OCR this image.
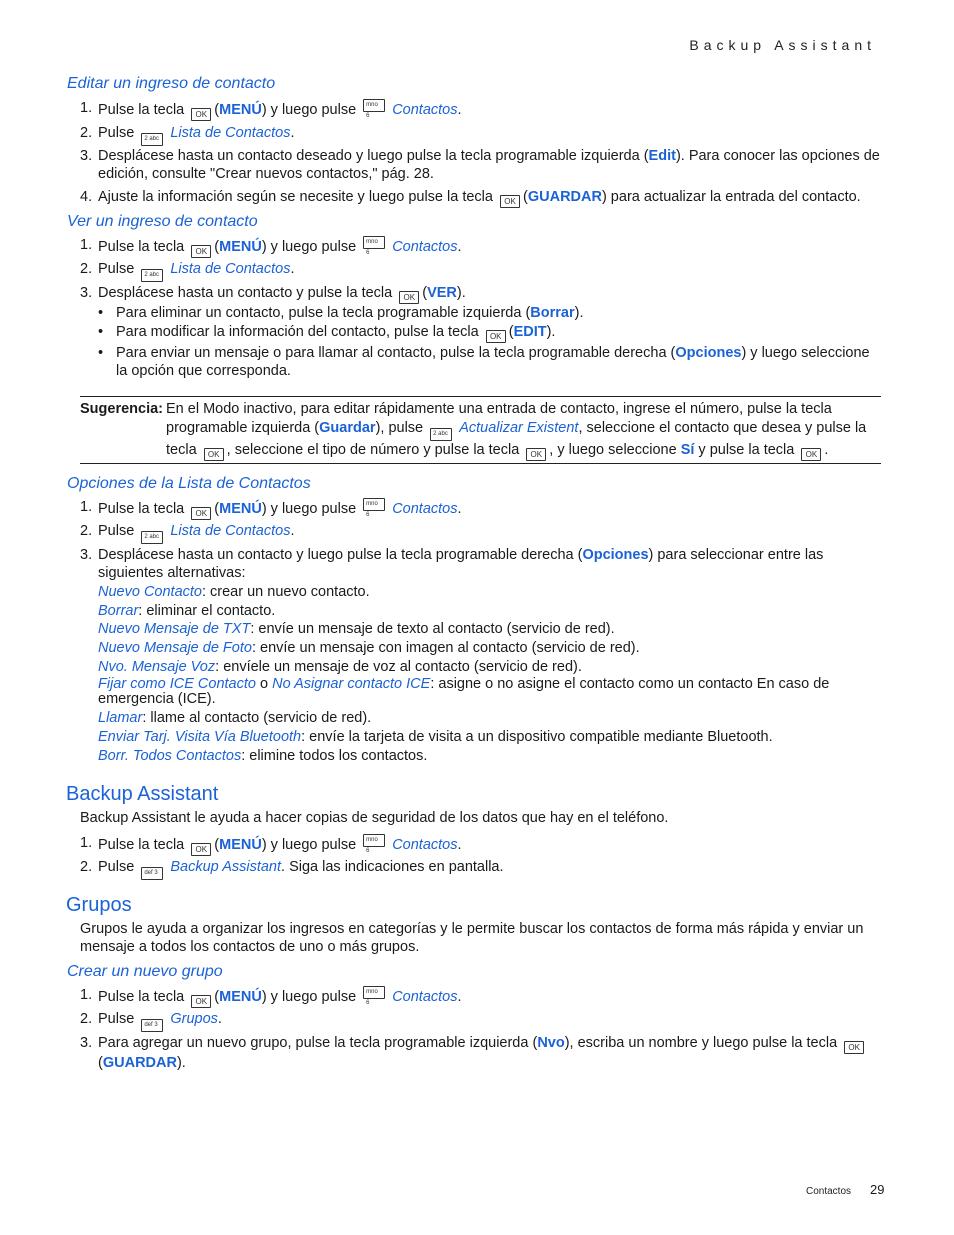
Backup Assistant
Editar un ingreso de contacto
1. Pulse la tecla OK (MENÚ) y luego pulse mno 6 Contactos.
2. Pulse 2 abc Lista de Contactos.
3. Desplácese hasta un contacto deseado y luego pulse la tecla programable izquierda (Edit). Para conocer las opciones de edición, consulte "Crear nuevos contactos," pág. 28.
4. Ajuste la información según se necesite y luego pulse la tecla OK (GUARDAR) para actualizar la entrada del contacto.
Ver un ingreso de contacto
1. Pulse la tecla OK (MENÚ) y luego pulse mno 6 Contactos.
2. Pulse 2 abc Lista de Contactos.
3. Desplácese hasta un contacto y pulse la tecla OK (VER).
• Para eliminar un contacto, pulse la tecla programable izquierda (Borrar).
• Para modificar la información del contacto, pulse la tecla OK (EDIT).
• Para enviar un mensaje o para llamar al contacto, pulse la tecla programable derecha (Opciones) y luego seleccione la opción que corresponda.
Sugerencia: En el Modo inactivo, para editar rápidamente una entrada de contacto, ingrese el número, pulse la tecla programable izquierda (Guardar), pulse 2 abc Actualizar Existent, seleccione el contacto que desea y pulse la tecla OK , seleccione el tipo de número y pulse la tecla OK , y luego seleccione Sí y pulse la tecla OK .
Opciones de la Lista de Contactos
1. Pulse la tecla OK (MENÚ) y luego pulse mno 6 Contactos.
2. Pulse 2 abc Lista de Contactos.
3. Desplácese hasta un contacto y luego pulse la tecla programable derecha (Opciones) para seleccionar entre las siguientes alternativas:
Nuevo Contacto: crear un nuevo contacto.
Borrar: eliminar el contacto.
Nuevo Mensaje de TXT: envíe un mensaje de texto al contacto (servicio de red).
Nuevo Mensaje de Foto: envíe un mensaje con imagen al contacto (servicio de red).
Nvo. Mensaje Voz: envíele un mensaje de voz al contacto (servicio de red).
Fijar como ICE Contacto o No Asignar contacto ICE: asigne o no asigne el contacto como un contacto En caso de emergencia (ICE).
Llamar: llame al contacto (servicio de red).
Enviar Tarj. Visita Vía Bluetooth: envíe la tarjeta de visita a un dispositivo compatible mediante Bluetooth.
Borr. Todos Contactos: elimine todos los contactos.
Backup Assistant
Backup Assistant le ayuda a hacer copias de seguridad de los datos que hay en el teléfono.
1. Pulse la tecla OK (MENÚ) y luego pulse mno 6 Contactos.
2. Pulse def 3 Backup Assistant. Siga las indicaciones en pantalla.
Grupos
Grupos le ayuda a organizar los ingresos en categorías y le permite buscar los contactos de forma más rápida y enviar un mensaje a todos los contactos de uno o más grupos.
Crear un nuevo grupo
1. Pulse la tecla OK (MENÚ) y luego pulse mno 6 Contactos.
2. Pulse def 3 Grupos.
3. Para agregar un nuevo grupo, pulse la tecla programable izquierda (Nvo), escriba un nombre y luego pulse la tecla OK (GUARDAR).
Contactos 29
